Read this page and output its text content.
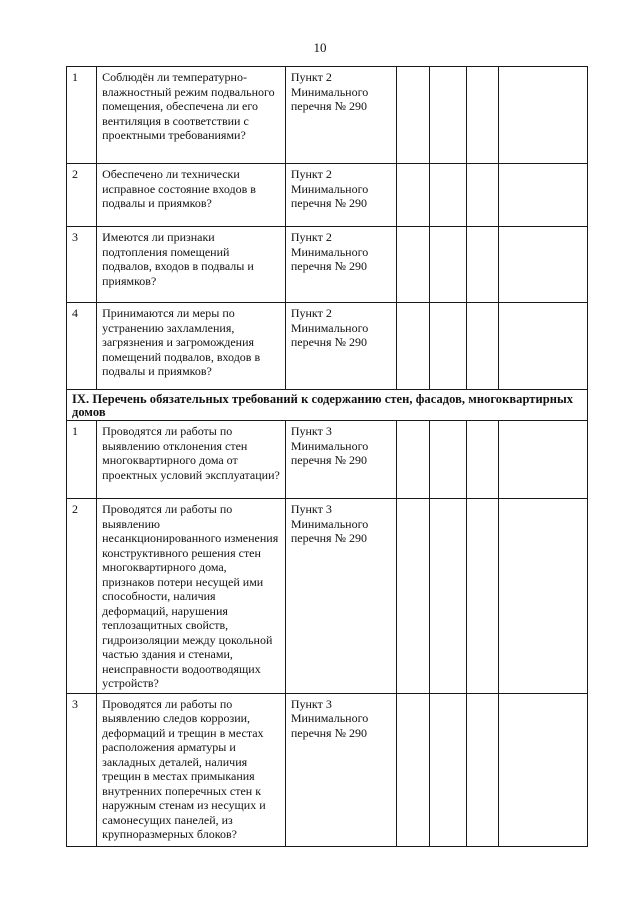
10
1	Соблюдён ли температурно-влажностный режим подвального помещения, обеспечена ли его вентиляция в соответствии с проектными требованиями?	Пункт 2 Минимального перечня № 290				
2	Обеспечено ли технически исправное состояние входов в подвалы и приямков?	Пункт 2 Минимального перечня № 290				
3	Имеются ли признаки подтопления помещений подвалов, входов в подвалы и приямков?	Пункт 2 Минимального перечня № 290				
4	Принимаются ли меры по устранению захламления, загрязнения и загромождения помещений подвалов, входов в подвалы и приямков?	Пункт 2 Минимального перечня № 290				
IX. Перечень обязательных требований к содержанию стен, фасадов, многоквартирных домов						
1	Проводятся ли работы по выявлению отклонения стен многоквартирного дома от проектных условий эксплуатации?	Пункт 3 Минимального перечня № 290				
2	Проводятся ли работы по выявлению несанкционированного изменения конструктивного решения стен многоквартирного дома, признаков потери несущей ими способности, наличия деформаций, нарушения теплозащитных свойств, гидроизоляции между цокольной частью здания и стенами, неисправности водоотводящих устройств?	Пункт 3 Минимального перечня № 290				
3	Проводятся ли работы по выявлению следов коррозии, деформаций и трещин в местах расположения арматуры и закладных деталей, наличия трещин в местах примыкания внутренних поперечных стен к наружным стенам из несущих и самонесущих панелей, из крупноразмерных блоков?	Пункт 3 Минимального перечня № 290				
